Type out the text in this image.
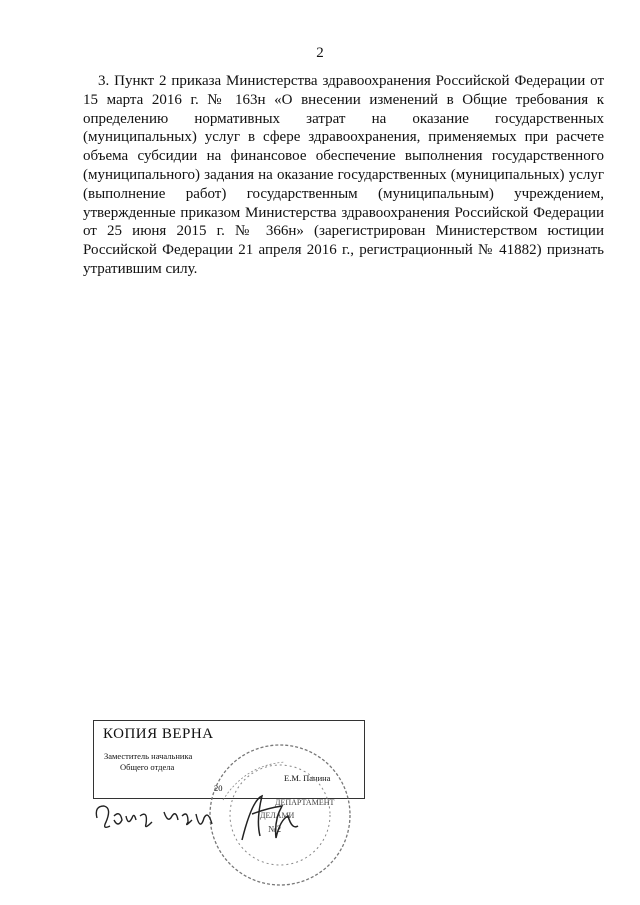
2

3. Пункт 2 приказа Министерства здравоохранения Российской Федерации от 15 марта 2016 г. № 163н «О внесении изменений в Общие требования к определению нормативных затрат на оказание государственных (муниципальных) услуг в сфере здравоохранения, применяемых при расчете объема субсидии на финансовое обеспечение выполнения государственного (муниципального) задания на оказание государственных (муниципальных) услуг (выполнение работ) государственным (муниципальным) учреждением, утвержденные приказом Министерства здравоохранения Российской Федерации от 25 июня 2015 г. № 366н» (зарегистрирован Министерством юстиции Российской Федерации 21 апреля 2016 г., регистрационный № 41882) признать утратившим силу.

КОПИЯ ВЕРНА
Заместитель начальника
Общего отдела
Е.М. Панина
20
ДЕПАРТАМЕНТ
ДЕЛАМИ
№2
